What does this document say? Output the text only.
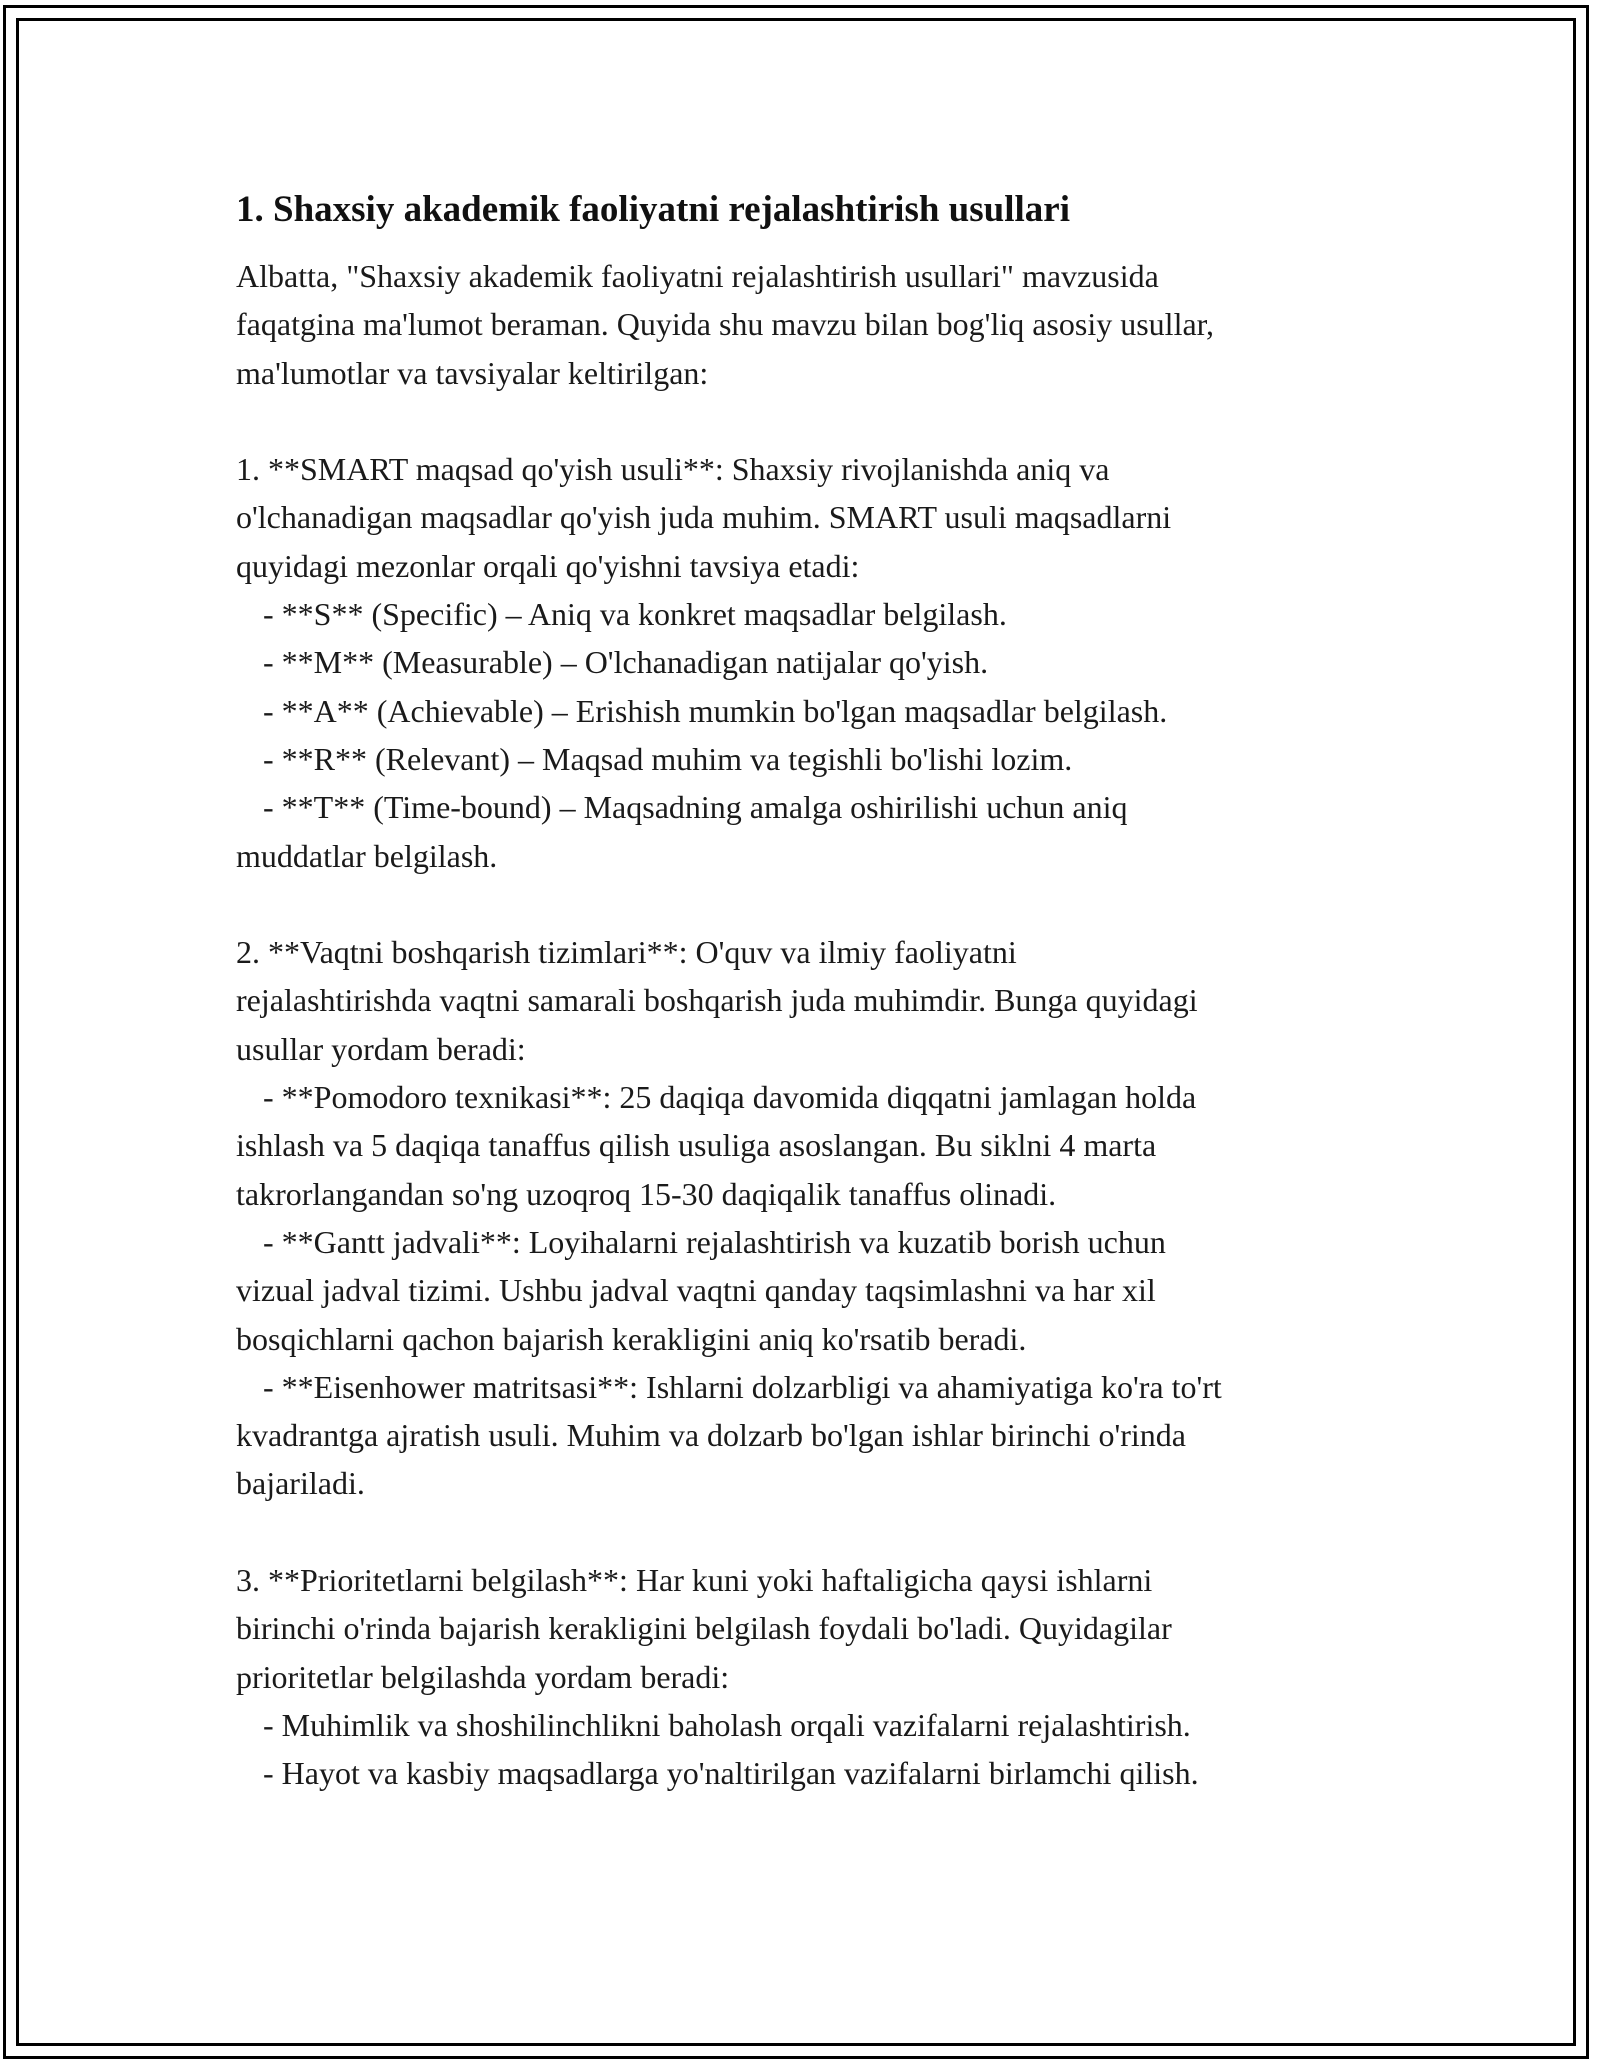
1. Shaxsiy akademik faoliyatni rejalashtirish usullari

Albatta, "Shaxsiy akademik faoliyatni rejalashtirish usullari" mavzusida

faqatgina ma'lumot beraman. Quyida shu mavzu bilan bog'liq asosiy usullar,

ma'lumotlar va tavsiyalar keltirilgan:

1. **SMART maqsad qo'yish usuli**: Shaxsiy rivojlanishda aniq va

o'lchanadigan maqsadlar qo'yish juda muhim. SMART usuli maqsadlarni

quyidagi mezonlar orqali qo'yishni tavsiya etadi:

- **S** (Specific) – Aniq va konkret maqsadlar belgilash.

- **M** (Measurable) – O'lchanadigan natijalar qo'yish.

- **A** (Achievable) – Erishish mumkin bo'lgan maqsadlar belgilash.

- **R** (Relevant) – Maqsad muhim va tegishli bo'lishi lozim.

- **T** (Time-bound) – Maqsadning amalga oshirilishi uchun aniq

muddatlar belgilash.

2. **Vaqtni boshqarish tizimlari**: O'quv va ilmiy faoliyatni

rejalashtirishda vaqtni samarali boshqarish juda muhimdir. Bunga quyidagi

usullar yordam beradi:

- **Pomodoro texnikasi**: 25 daqiqa davomida diqqatni jamlagan holda

ishlash va 5 daqiqa tanaffus qilish usuliga asoslangan. Bu siklni 4 marta

takrorlangandan so'ng uzoqroq 15-30 daqiqalik tanaffus olinadi.

- **Gantt jadvali**: Loyihalarni rejalashtirish va kuzatib borish uchun

vizual jadval tizimi. Ushbu jadval vaqtni qanday taqsimlashni va har xil

bosqichlarni qachon bajarish kerakligini aniq ko'rsatib beradi.

- **Eisenhower matritsasi**: Ishlarni dolzarbligi va ahamiyatiga ko'ra to'rt

kvadrantga ajratish usuli. Muhim va dolzarb bo'lgan ishlar birinchi o'rinda

bajariladi.

3. **Prioritetlarni belgilash**: Har kuni yoki haftaligicha qaysi ishlarni

birinchi o'rinda bajarish kerakligini belgilash foydali bo'ladi. Quyidagilar

prioritetlar belgilashda yordam beradi:

- Muhimlik va shoshilinchlikni baholash orqali vazifalarni rejalashtirish.

- Hayot va kasbiy maqsadlarga yo'naltirilgan vazifalarni birlamchi qilish.
